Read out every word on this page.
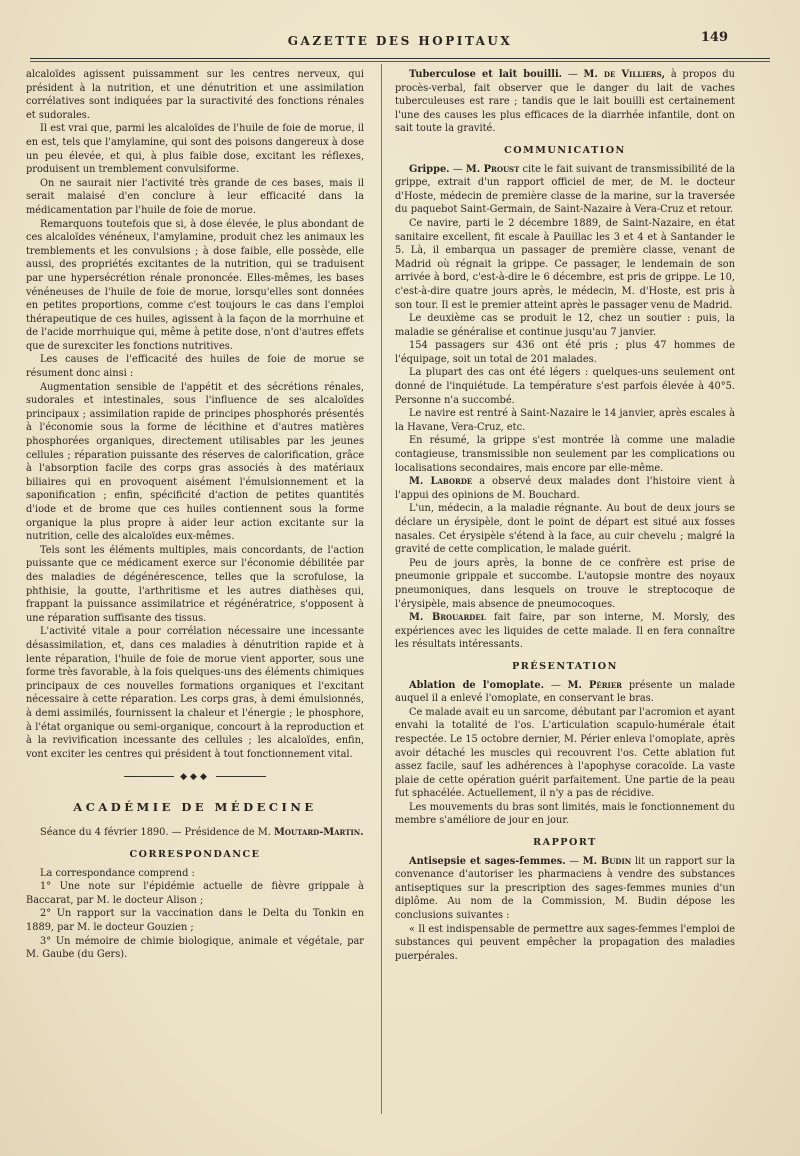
GAZETTE DES HOPITAUX	149

alcaloïdes agissent puissamment sur les centres nerveux, qui président à la nutrition, et une dénutrition et une assimilation corrélatives sont indiquées par la suractivité des fonctions rénales et sudorales.

Il est vrai que, parmi les alcaloïdes de l'huile de foie de morue, il en est, tels que l'amylamine, qui sont des poisons dangereux à dose un peu élevée, et qui, à plus faible dose, excitant les réflexes, produisent un tremblement convulsiforme.

On ne saurait nier l'activité très grande de ces bases, mais il serait malaisé d'en conclure à leur efficacité dans la médicamentation par l'huile de foie de morue.

Remarquons toutefois que si, à dose élevée, le plus abondant de ces alcaloïdes vénéneux, l'amylamine, produit chez les animaux les tremblements et les convulsions ; à dose faible, elle possède, elle aussi, des propriétés excitantes de la nutrition, qui se traduisent par une hypersécrétion rénale prononcée. Elles-mêmes, les bases vénéneuses de l'huile de foie de morue, lorsqu'elles sont données en petites proportions, comme c'est toujours le cas dans l'emploi thérapeutique de ces huiles, agissent à la façon de la morrhuine et de l'acide morrhuique qui, même à petite dose, n'ont d'autres effets que de surexciter les fonctions nutritives.

Les causes de l'efficacité des huiles de foie de morue se résument donc ainsi :

Augmentation sensible de l'appétit et des sécrétions rénales, sudorales et intestinales, sous l'influence de ses alcaloïdes principaux ; assimilation rapide de principes phosphorés présentés à l'économie sous la forme de lécithine et d'autres matières phosphorées organiques, directement utilisables par les jeunes cellules ; réparation puissante des réserves de calorification, grâce à l'absorption facile des corps gras associés à des matériaux biliaires qui en provoquent aisément l'émulsionnement et la saponification ; enfin, spécificité d'action de petites quantités d'iode et de brome que ces huiles contiennent sous la forme organique la plus propre à aider leur action excitante sur la nutrition, celle des alcaloïdes eux-mêmes.

Tels sont les éléments multiples, mais concordants, de l'action puissante que ce médicament exerce sur l'économie débilitée par des maladies de dégénérescence, telles que la scrofulose, la phthisie, la goutte, l'arthritisme et les autres diathèses qui, frappant la puissance assimilatrice et régénératrice, s'opposent à une réparation suffisante des tissus.

L'activité vitale a pour corrélation nécessaire une incessante désassimilation, et, dans ces maladies à dénutrition rapide et à lente réparation, l'huile de foie de morue vient apporter, sous une forme très favorable, à la fois quelques-uns des éléments chimiques principaux de ces nouvelles formations organiques et l'excitant nécessaire à cette réparation. Les corps gras, à demi émulsionnés, à demi assimilés, fournissent la chaleur et l'énergie ; le phosphore, à l'état organique ou semi-organique, concourt à la reproduction et à la revivification incessante des cellules ; les alcaloïdes, enfin, vont exciter les centres qui président à tout fonctionnement vital.

◆◆◆
ACADÉMIE DE MÉDECINE

Séance du 4 février 1890. — Présidence de M. Moutard-Martin.

CORRESPONDANCE

La correspondance comprend :

1° Une note sur l'épidémie actuelle de fièvre grippale à Baccarat, par M. le docteur Alison ;

2° Un rapport sur la vaccination dans le Delta du Tonkin en 1889, par M. le docteur Gouzien ;

3° Un mémoire de chimie biologique, animale et végétale, par M. Gaube (du Gers).

Tuberculose et lait bouilli. — M. de Villiers, à propos du procès-verbal, fait observer que le danger du lait de vaches tuberculeuses est rare ; tandis que le lait bouilli est certainement l'une des causes les plus efficaces de la diarrhée infantile, dont on sait toute la gravité.

COMMUNICATION

Grippe. — M. Proust cite le fait suivant de transmissibilité de la grippe, extrait d'un rapport officiel de mer, de M. le docteur d'Hoste, médecin de première classe de la marine, sur la traversée du paquebot Saint-Germain, de Saint-Nazaire à Vera-Cruz et retour.

Ce navire, parti le 2 décembre 1889, de Saint-Nazaire, en état sanitaire excellent, fit escale à Pauillac les 3 et 4 et à Santander le 5. Là, il embarqua un passager de première classe, venant de Madrid où régnait la grippe. Ce passager, le lendemain de son arrivée à bord, c'est-à-dire le 6 décembre, est pris de grippe. Le 10, c'est-à-dire quatre jours après, le médecin, M. d'Hoste, est pris à son tour. Il est le premier atteint après le passager venu de Madrid.

Le deuxième cas se produit le 12, chez un soutier : puis, la maladie se généralise et continue jusqu'au 7 janvier.

154 passagers sur 436 ont été pris ; plus 47 hommes de l'équipage, soit un total de 201 malades.

La plupart des cas ont été légers : quelques-uns seulement ont donné de l'inquiétude. La température s'est parfois élevée à 40°5. Personne n'a succombé.

Le navire est rentré à Saint-Nazaire le 14 janvier, après escales à la Havane, Vera-Cruz, etc.

En résumé, la grippe s'est montrée là comme une maladie contagieuse, transmissible non seulement par les complications ou localisations secondaires, mais encore par elle-même.

M. Laborde a observé deux malades dont l'histoire vient à l'appui des opinions de M. Bouchard.

L'un, médecin, a la maladie régnante. Au bout de deux jours se déclare un érysipèle, dont le point de départ est situé aux fosses nasales. Cet érysipèle s'étend à la face, au cuir chevelu ; malgré la gravité de cette complication, le malade guérit.

Peu de jours après, la bonne de ce confrère est prise de pneumonie grippale et succombe. L'autopsie montre des noyaux pneumoniques, dans lesquels on trouve le streptocoque de l'érysipèle, mais absence de pneumocoques.

M. Brouardel fait faire, par son interne, M. Morsly, des expériences avec les liquides de cette malade. Il en fera connaître les résultats intéressants.

PRÉSENTATION

Ablation de l'omoplate. — M. Périer présente un malade auquel il a enlevé l'omoplate, en conservant le bras.

Ce malade avait eu un sarcome, débutant par l'acromion et ayant envahi la totalité de l'os. L'articulation scapulo-humérale était respectée. Le 15 octobre dernier, M. Périer enleva l'omoplate, après avoir détaché les muscles qui recouvrent l'os. Cette ablation fut assez facile, sauf les adhérences à l'apophyse coracoïde. La vaste plaie de cette opération guérit parfaitement. Une partie de la peau fut sphacélée. Actuellement, il n'y a pas de récidive.

Les mouvements du bras sont limités, mais le fonctionnement du membre s'améliore de jour en jour.

RAPPORT

Antisepsie et sages-femmes. — M. Budin lit un rapport sur la convenance d'autoriser les pharmaciens à vendre des substances antiseptiques sur la prescription des sages-femmes munies d'un diplôme. Au nom de la Commission, M. Budin dépose les conclusions suivantes :

« Il est indispensable de permettre aux sages-femmes l'emploi de substances qui peuvent empêcher la propagation des maladies puerpérales.
